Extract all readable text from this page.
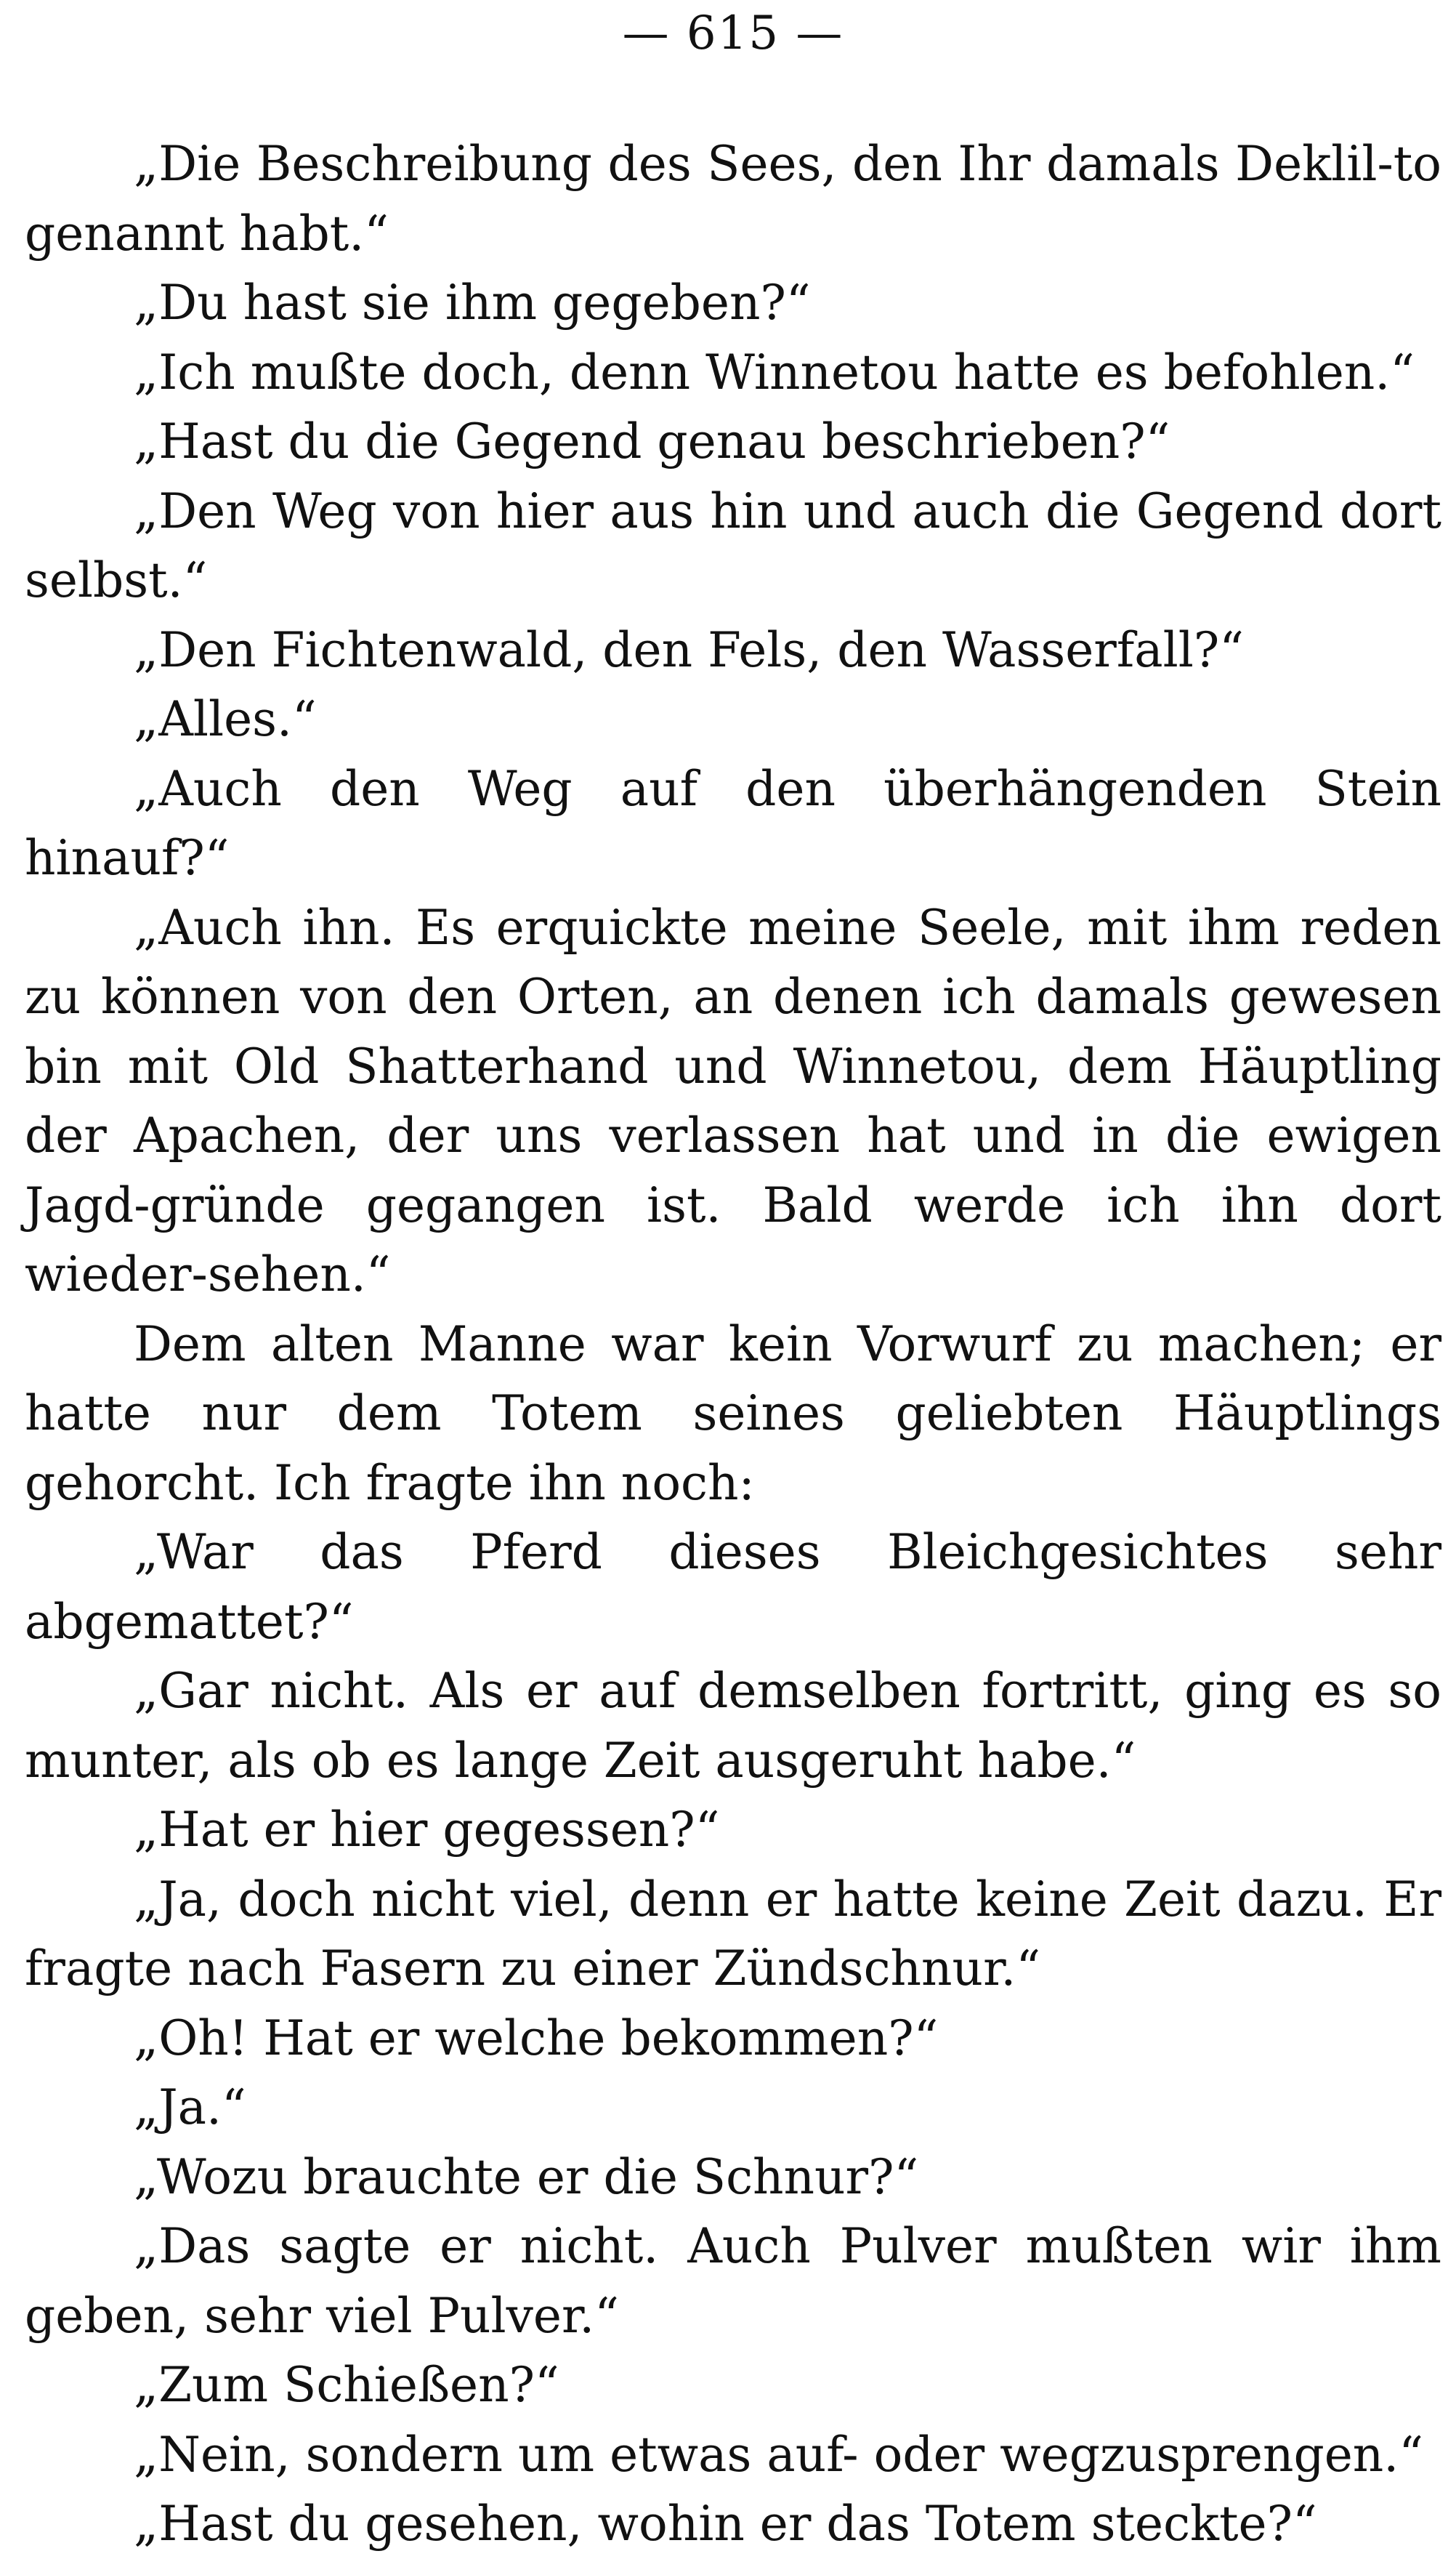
— 615 —

„Die Beschreibung des Sees, den Ihr damals Deklil-to genannt habt.“

„Du hast sie ihm gegeben?“

„Ich mußte doch, denn Winnetou hatte es befohlen.“

„Hast du die Gegend genau beschrieben?“

„Den Weg von hier aus hin und auch die Gegend dort selbst.“

„Den Fichtenwald, den Fels, den Wasserfall?“

„Alles.“

„Auch den Weg auf den überhängenden Stein hinauf?“

„Auch ihn. Es erquickte meine Seele, mit ihm reden zu können von den Orten, an denen ich damals gewesen bin mit Old Shatterhand und Winnetou, dem Häuptling der Apachen, der uns verlassen hat und in die ewigen Jagd-gründe gegangen ist. Bald werde ich ihn dort wieder-sehen.“

Dem alten Manne war kein Vorwurf zu machen; er hatte nur dem Totem seines geliebten Häuptlings gehorcht. Ich fragte ihn noch:

„War das Pferd dieses Bleichgesichtes sehr abgemattet?“

„Gar nicht. Als er auf demselben fortritt, ging es so munter, als ob es lange Zeit ausgeruht habe.“

„Hat er hier gegessen?“

„Ja, doch nicht viel, denn er hatte keine Zeit dazu. Er fragte nach Fasern zu einer Zündschnur.“

„Oh! Hat er welche bekommen?“

„Ja.“

„Wozu brauchte er die Schnur?“

„Das sagte er nicht. Auch Pulver mußten wir ihm geben, sehr viel Pulver.“

„Zum Schießen?“

„Nein, sondern um etwas auf- oder wegzusprengen.“

„Hast du gesehen, wohin er das Totem steckte?“
